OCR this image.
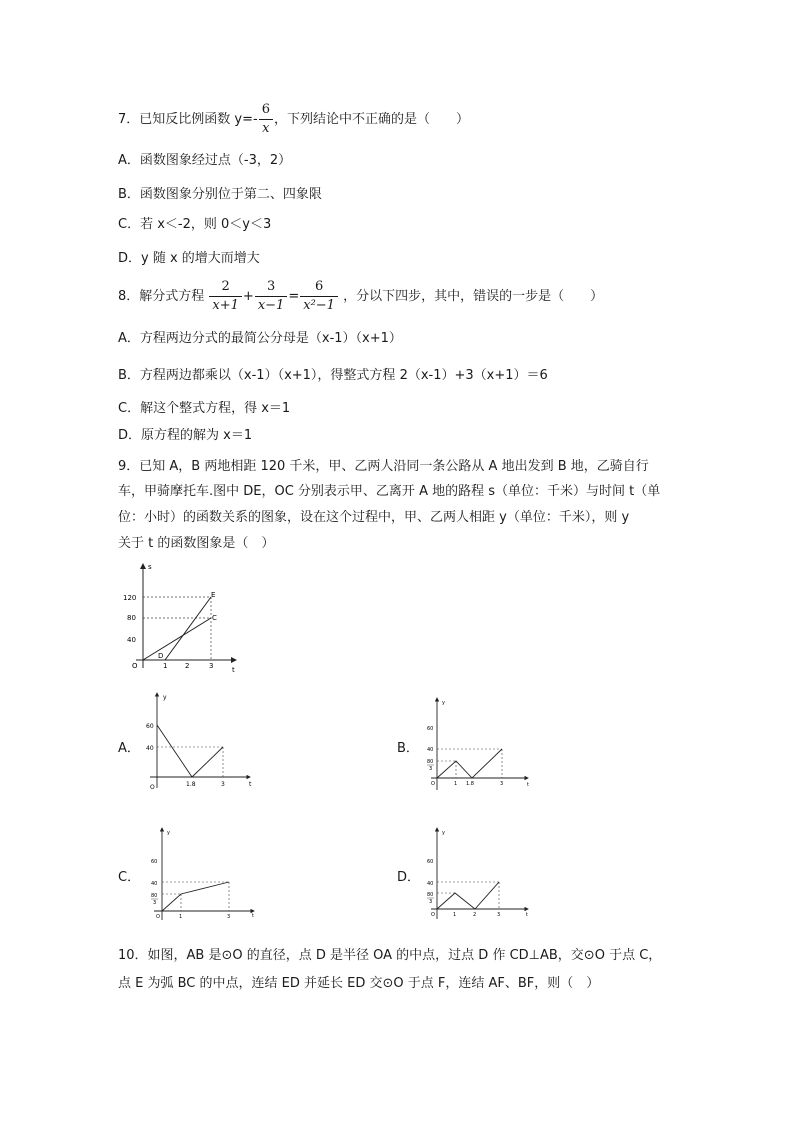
7．已知反比例函数 $y=- \frac{6}{x}$ ，下列结论中不正确的是（　　）
A．函数图象经过点（-3，2）
B．函数图象分别位于第二、四象限
C．若 x＜-2，则 0＜y＜3
D．y 随 x 的增大而增大
8．解分式方程 $\frac{2}{x+1} + \frac{3}{x-1} = \frac{6}{\text{x²−1}}$ ，分以下四步，其中，错误的一步是（　　）
A．方程两边分式的最简公分母是（x-1）（x+1）
B．方程两边都乘以（x-1）（x+1），得整式方程 2（x-1）+3（x+1）＝6
C．解这个整式方程，得 x＝1
D．原方程的解为 x＝1
9．已知 A，B 两地相距 120 千米，甲、乙两人沿同一条公路从 A 地出发到 B 地，乙骑自行
车，甲骑摩托车.图中 DE，OC 分别表示甲、乙离开 A 地的路程 s（单位：千米）与时间 t（单
位：小时）的函数关系的图象，设在这个过程中，甲、乙两人相距 y（单位：千米），则 y
关于 t 的函数图象是（　）
s
t
O
120
80
40
1	2	3
D
E
C
A．
y
t
O
60
40
1.8	3
B．
y
t
O
60
40
80
3
1 1.8	3
C．
y
t
O
60
40
80
3
1	3
D．
y
t
O
60
40
80
3
1	2	3
10．如图，AB 是⊙O 的直径，点 D 是半径 OA 的中点，过点 D 作 CD⊥AB，交⊙O 于点 C，
点 E 为弧 BC 的中点，连结 ED 并延长 ED 交⊙O 于点 F，连结 AF、BF，则（　）
